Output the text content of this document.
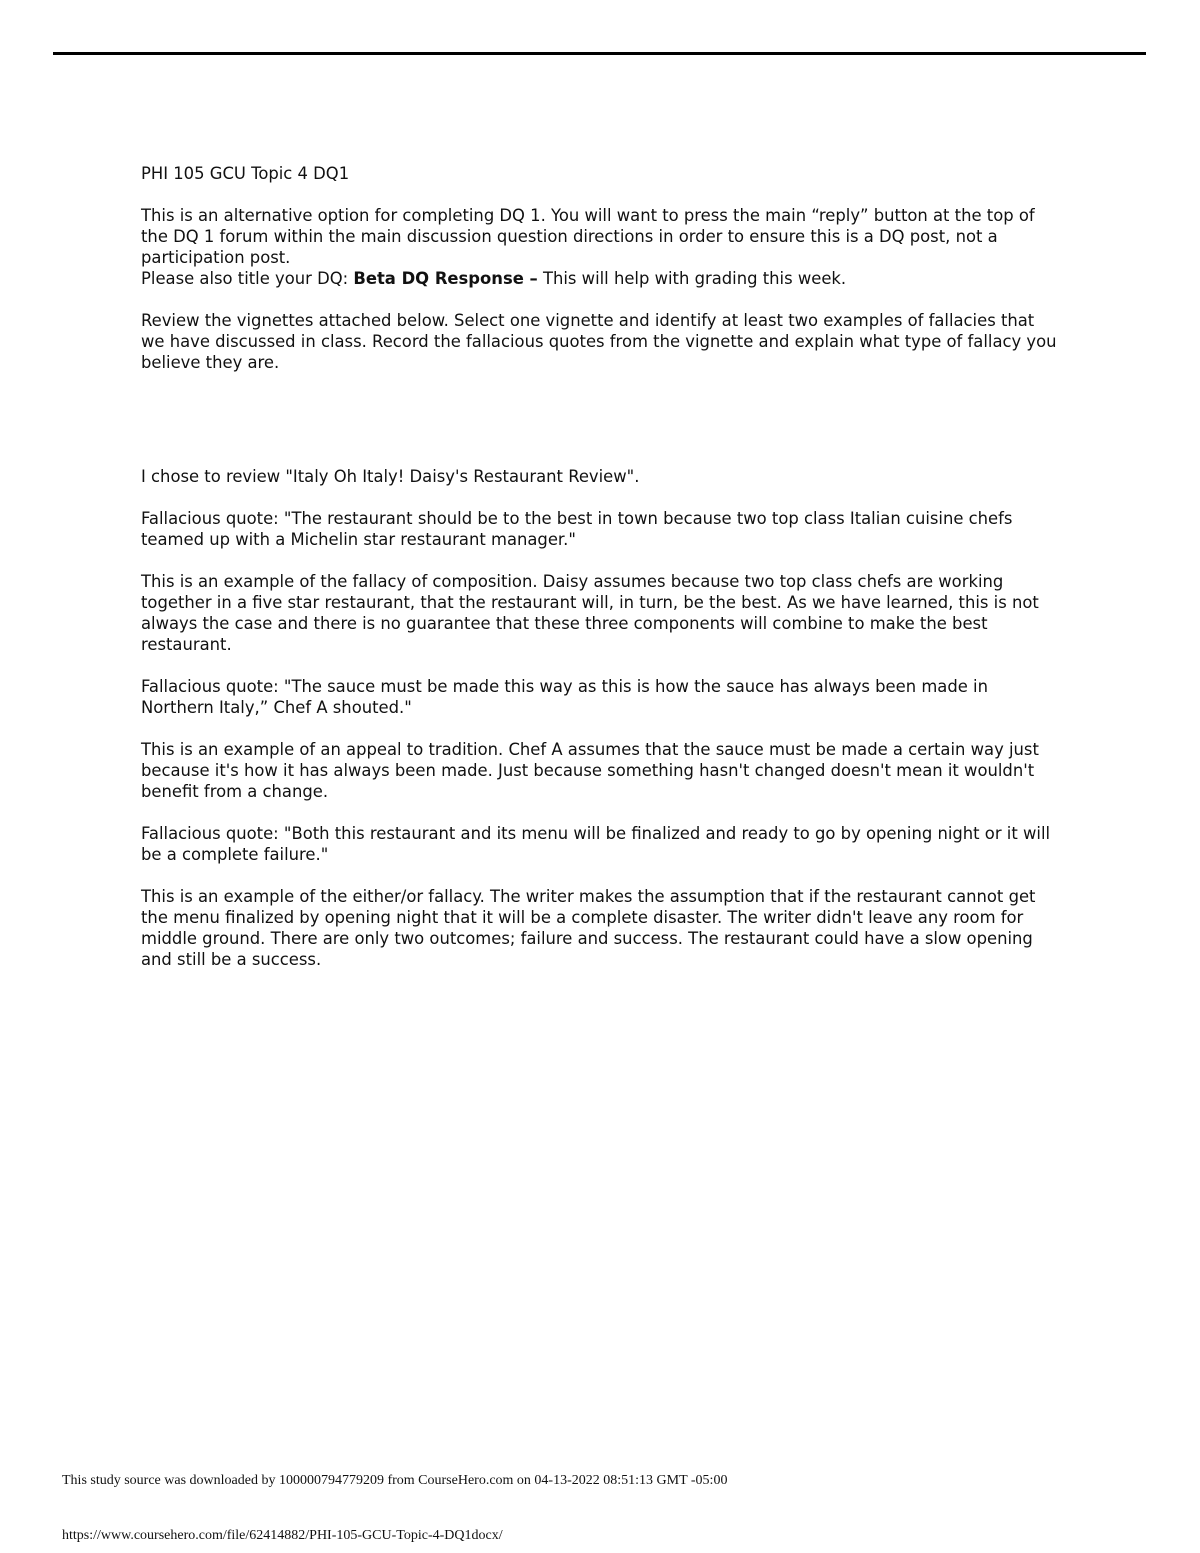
PHI 105 GCU Topic 4 DQ1

This is an alternative option for completing DQ 1. You will want to press the main “reply” button at the top of the DQ 1 forum within the main discussion question directions in order to ensure this is a DQ post, not a participation post.

Please also title your DQ: Beta DQ Response – This will help with grading this week.

Review the vignettes attached below. Select one vignette and identify at least two examples of fallacies that we have discussed in class. Record the fallacious quotes from the vignette and explain what type of fallacy you believe they are.

I chose to review "Italy Oh Italy! Daisy's Restaurant Review".

Fallacious quote: "The restaurant should be to the best in town because two top class Italian cuisine chefs teamed up with a Michelin star restaurant manager."

This is an example of the fallacy of composition. Daisy assumes because two top class chefs are working together in a five star restaurant, that the restaurant will, in turn, be the best. As we have learned, this is not always the case and there is no guarantee that these three components will combine to make the best restaurant.

Fallacious quote: "The sauce must be made this way as this is how the sauce has always been made in Northern Italy,” Chef A shouted."

This is an example of an appeal to tradition. Chef A assumes that the sauce must be made a certain way just because it's how it has always been made. Just because something hasn't changed doesn't mean it wouldn't benefit from a change.

Fallacious quote: "Both this restaurant and its menu will be finalized and ready to go by opening night or it will be a complete failure."

This is an example of the either/or fallacy. The writer makes the assumption that if the restaurant cannot get the menu finalized by opening night that it will be a complete disaster. The writer didn't leave any room for middle ground. There are only two outcomes; failure and success. The restaurant could have a slow opening and still be a success.

This study source was downloaded by 100000794779209 from CourseHero.com on 04-13-2022 08:51:13 GMT -05:00
https://www.coursehero.com/file/62414882/PHI-105-GCU-Topic-4-DQ1docx/
